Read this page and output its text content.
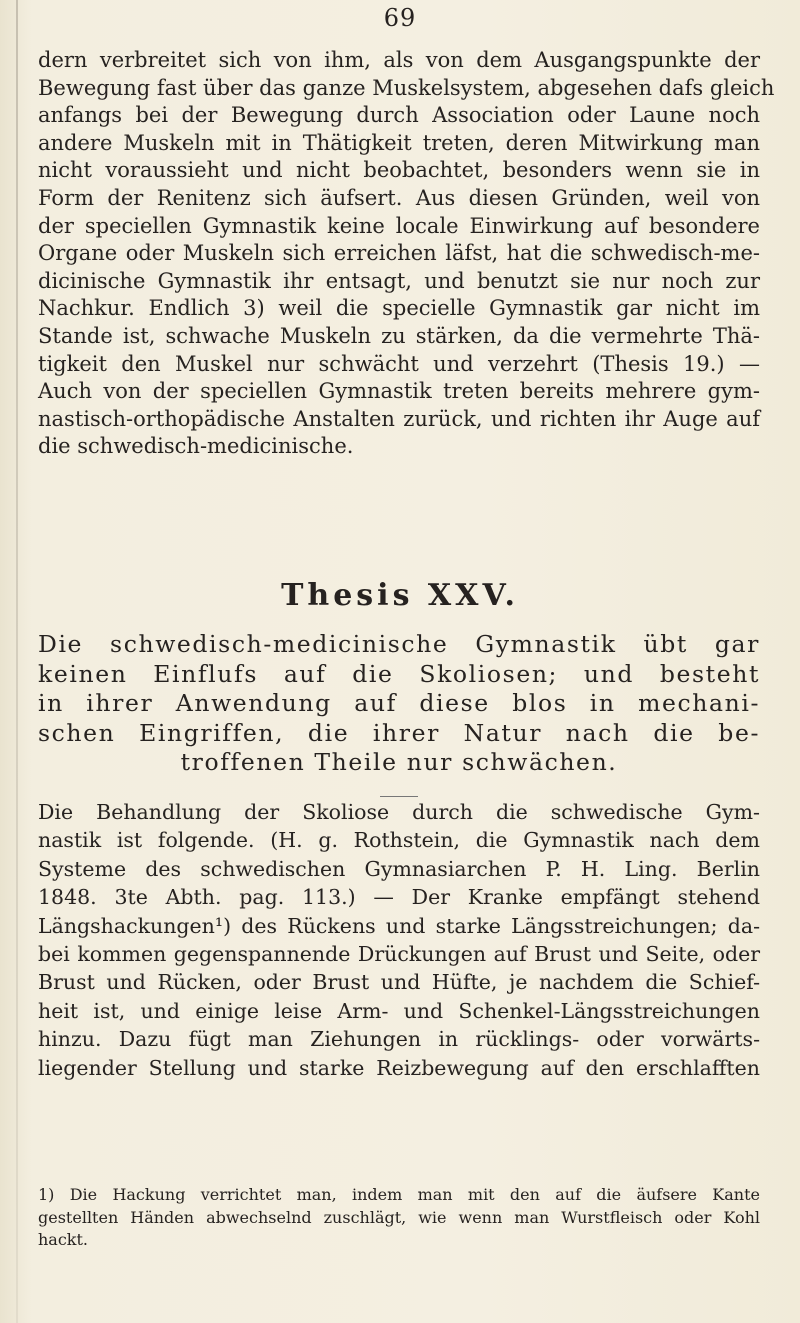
69
dern verbreitet sich von ihm, als von dem Ausgangspunkte der
Bewegung fast über das ganze Muskelsystem, abgesehen dafs gleich
anfangs bei der Bewegung durch Association oder Laune noch
andere Muskeln mit in Thätigkeit treten, deren Mitwirkung man
nicht voraussieht und nicht beobachtet, besonders wenn sie in
Form der Renitenz sich äufsert. Aus diesen Gründen, weil von
der speciellen Gymnastik keine locale Einwirkung auf besondere
Organe oder Muskeln sich erreichen läfst, hat die schwedisch-me-
dicinische Gymnastik ihr entsagt, und benutzt sie nur noch zur
Nachkur. Endlich 3) weil die specielle Gymnastik gar nicht im
Stande ist, schwache Muskeln zu stärken, da die vermehrte Thä-
tigkeit den Muskel nur schwächt und verzehrt (Thesis 19.) —
Auch von der speciellen Gymnastik treten bereits mehrere gym-
nastisch-orthopädische Anstalten zurück, und richten ihr Auge auf
die schwedisch-medicinische.
Thesis XXV.
Die schwedisch-medicinische Gymnastik übt gar
keinen Einflufs auf die Skoliosen; und besteht
in ihrer Anwendung auf diese blos in mechani-
schen Eingriffen, die ihrer Natur nach die be-
troffenen Theile nur schwächen.
Die Behandlung der Skoliose durch die schwedische Gym-
nastik ist folgende. (H. g. Rothstein, die Gymnastik nach dem
Systeme des schwedischen Gymnasiarchen P. H. Ling. Berlin
1848. 3te Abth. pag. 113.) — Der Kranke empfängt stehend
Längshackungen¹) des Rückens und starke Längsstreichungen; da-
bei kommen gegenspannende Drückungen auf Brust und Seite, oder
Brust und Rücken, oder Brust und Hüfte, je nachdem die Schief-
heit ist, und einige leise Arm- und Schenkel-Längsstreichungen
hinzu. Dazu fügt man Ziehungen in rücklings- oder vorwärts-
liegender Stellung und starke Reizbewegung auf den erschlafften
1) Die Hackung verrichtet man, indem man mit den auf die äufsere Kante
gestellten Händen abwechselnd zuschlägt, wie wenn man Wurstfleisch oder Kohl
hackt.
